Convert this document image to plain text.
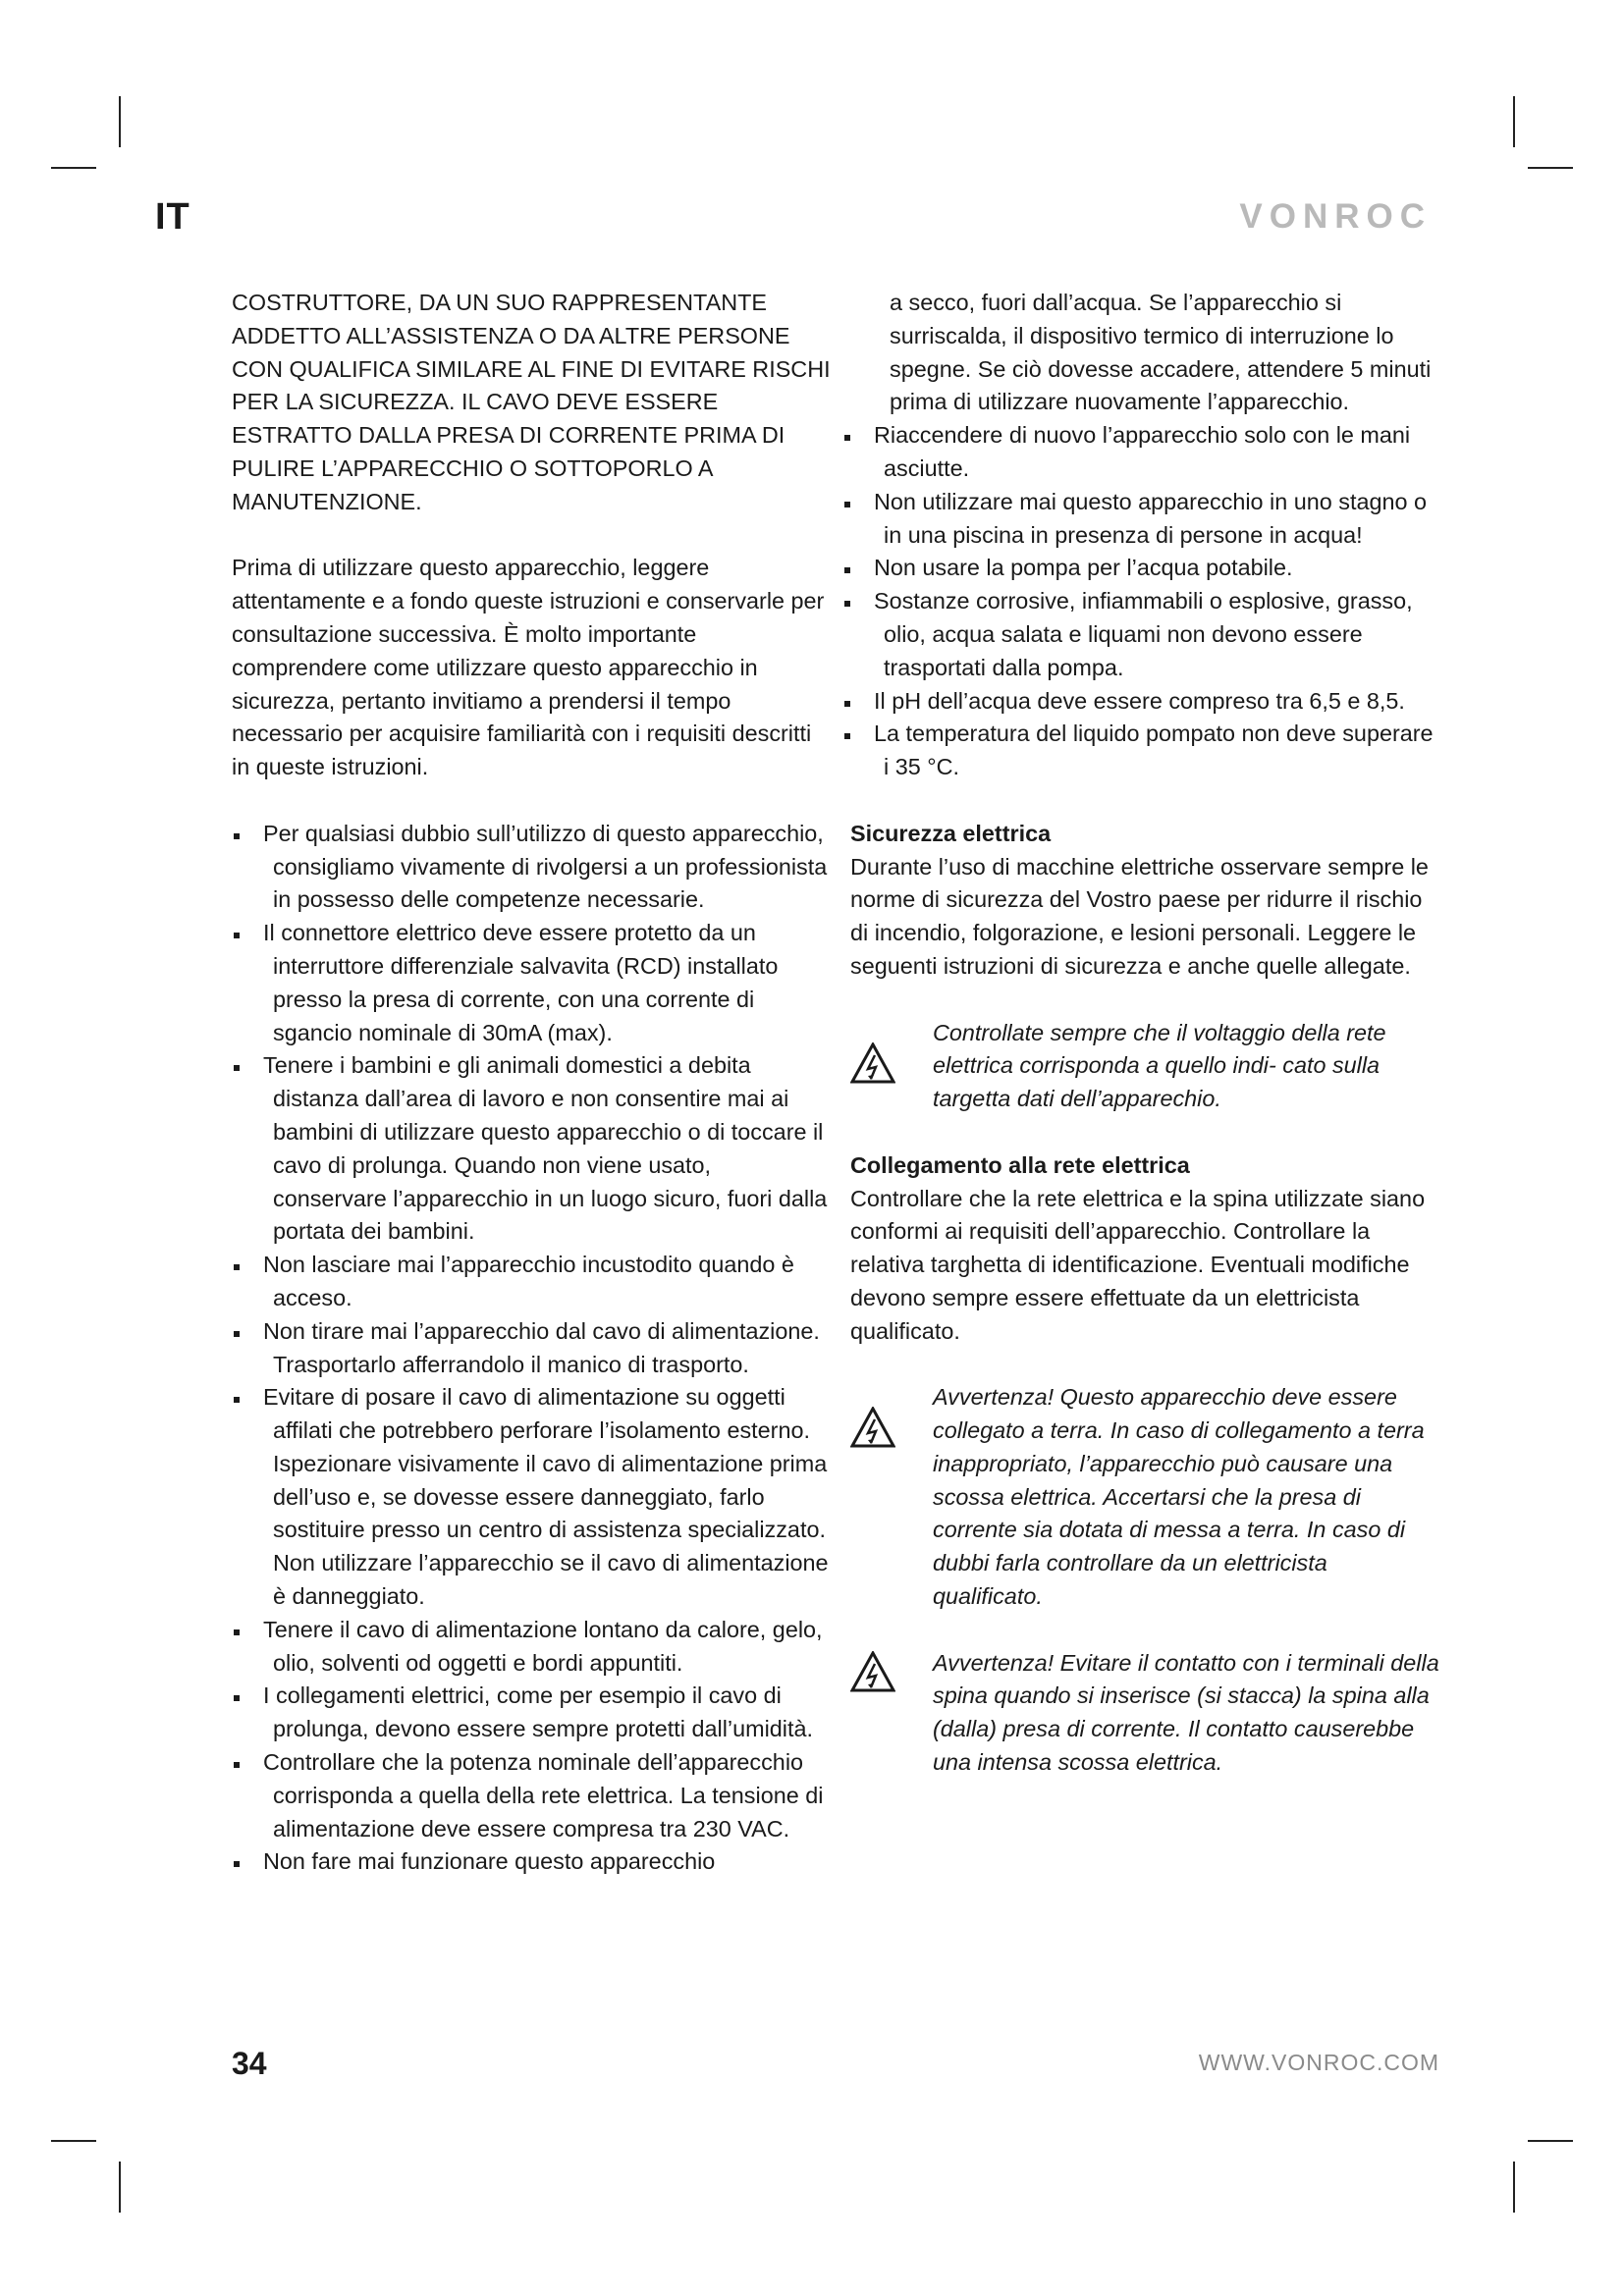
IT	VONROC

COSTRUTTORE, DA UN SUO RAPPRESENTANTE ADDETTO ALL’ASSISTENZA O DA ALTRE PERSONE CON QUALIFICA SIMILARE AL FINE DI EVITARE RISCHI PER LA SICUREZZA. IL CAVO DEVE ESSERE ESTRATTO DALLA PRESA DI CORRENTE PRIMA DI PULIRE L’APPARECCHIO O SOTTOPORLO A MANUTENZIONE.

Prima di utilizzare questo apparecchio, leggere attentamente e a fondo queste istruzioni e conservarle per consultazione successiva. È molto importante comprendere come utilizzare questo apparecchio in sicurezza, pertanto invitiamo a prendersi il tempo necessario per acquisire familiarità con i requisiti descritti in queste istruzioni.

Per qualsiasi dubbio sull’utilizzo di questo apparecchio, consigliamo vivamente di rivolgersi a un professionista in possesso delle competenze necessarie.
Il connettore elettrico deve essere protetto da un interruttore differenziale salvavita (RCD) installato presso la presa di corrente, con una corrente di sgancio nominale di 30mA (max).
Tenere i bambini e gli animali domestici a debita distanza dall’area di lavoro e non consentire mai ai bambini di utilizzare questo apparecchio o di toccare il cavo di prolunga. Quando non viene usato, conservare l’apparecchio in un luogo sicuro, fuori dalla portata dei bambini.
Non lasciare mai l’apparecchio incustodito quando è acceso.
Non tirare mai l’apparecchio dal cavo di alimentazione. Trasportarlo afferrandolo il manico di trasporto.
Evitare di posare il cavo di alimentazione su oggetti affilati che potrebbero perforare l’isolamento esterno. Ispezionare visivamente il cavo di alimentazione prima dell’uso e, se dovesse essere danneggiato, farlo sostituire presso un centro di assistenza specializzato. Non utilizzare l’apparecchio se il cavo di alimentazione è danneggiato.
Tenere il cavo di alimentazione lontano da calore, gelo, olio, solventi od oggetti e bordi appuntiti.
I collegamenti elettrici, come per esempio il cavo di prolunga, devono essere sempre protetti dall’umidità.
Controllare che la potenza nominale dell’apparecchio corrisponda a quella della rete elettrica. La tensione di alimentazione deve essere compresa tra 230 VAC.
Non fare mai funzionare questo apparecchio

a secco, fuori dall’acqua. Se l’apparecchio si surriscalda, il dispositivo termico di interruzione lo spegne. Se ciò dovesse accadere, attendere 5 minuti prima di utilizzare nuovamente l’apparecchio.

Riaccendere di nuovo l’apparecchio solo con le mani asciutte.
Non utilizzare mai questo apparecchio in uno stagno o in una piscina in presenza di persone in acqua!
Non usare la pompa per l’acqua potabile.
Sostanze corrosive, infiammabili o esplosive, grasso, olio, acqua salata e liquami non devono essere trasportati dalla pompa.
Il pH dell’acqua deve essere compreso tra 6,5 e 8,5.
La temperatura del liquido pompato non deve superare i 35 °C.
Sicurezza elettrica

Durante l’uso di macchine elettriche osservare sempre le norme di sicurezza del Vostro paese per ridurre il rischio di incendio, folgorazione, e lesioni personali. Leggere le seguenti istruzioni di sicurezza e anche quelle allegate.

Controllate sempre che il voltaggio della rete elettrica corrisponda a quello indi- cato sulla targetta dati dell’apparechio.

Collegamento alla rete elettrica

Controllare che la rete elettrica e la spina utilizzate siano conformi ai requisiti dell’apparecchio. Controllare la relativa targhetta di identificazione. Eventuali modifiche devono sempre essere effettuate da un elettricista qualificato.

Avvertenza! Questo apparecchio deve essere collegato a terra. In caso di collegamento a terra inappropriato, l’apparecchio può causare una scossa elettrica. Accertarsi che la presa di corrente sia dotata di messa a terra. In caso di dubbi farla controllare da un elettricista qualificato.

Avvertenza! Evitare il contatto con i terminali della spina quando si inserisce (si stacca) la spina alla (dalla) presa di corrente. Il contatto causerebbe una intensa scossa elettrica.

34	WWW.VONROC.COM
